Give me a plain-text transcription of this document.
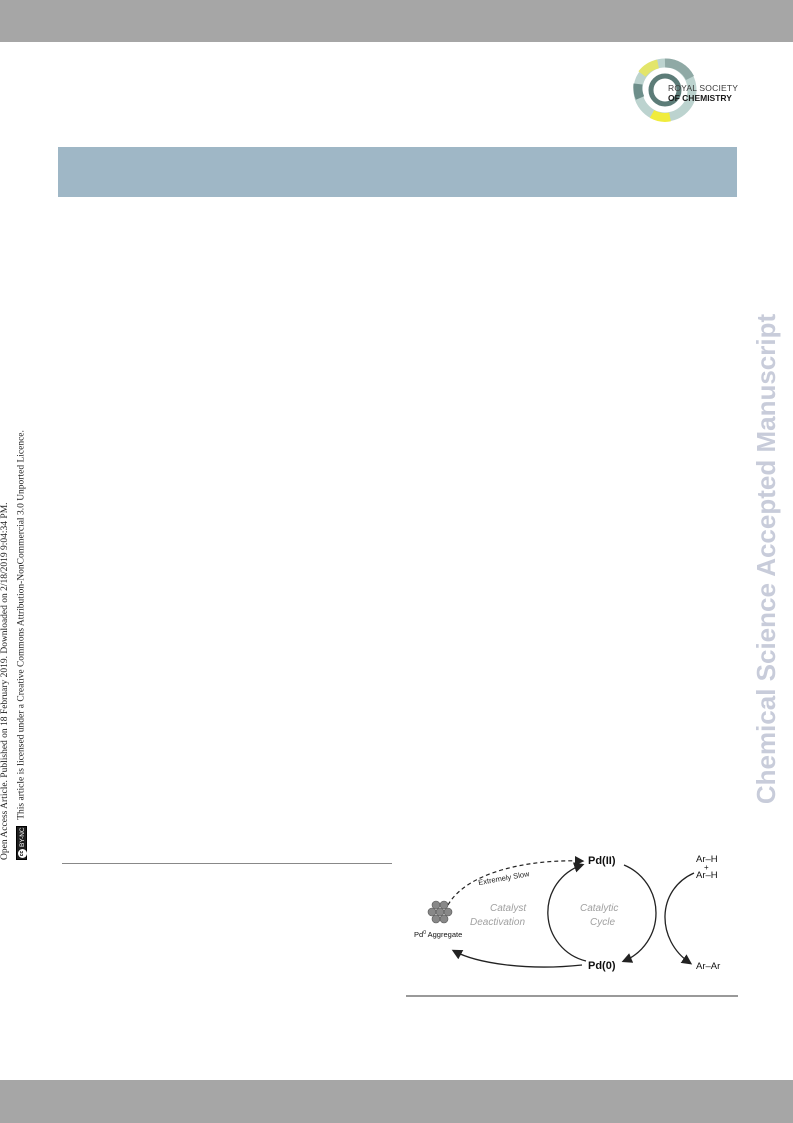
ROYAL SOCIETY
OF CHEMISTRY
Open Access Article. Published on 18 February 2019. Downloaded on 2/18/2019 9:04:34 PM. cc
BY-NC This article is licensed under a Creative Commons Attribution-NonCommercial 3.0 Unported Licence.	Chemical Science Accepted Manuscript
Pd(II)
Pd(0)
Extremely Slow
Catalyst
Deactivation
Catalytic
Cycle
Ar–H
+
Ar–H
Ar–Ar
Pd$^0$ Aggregate
